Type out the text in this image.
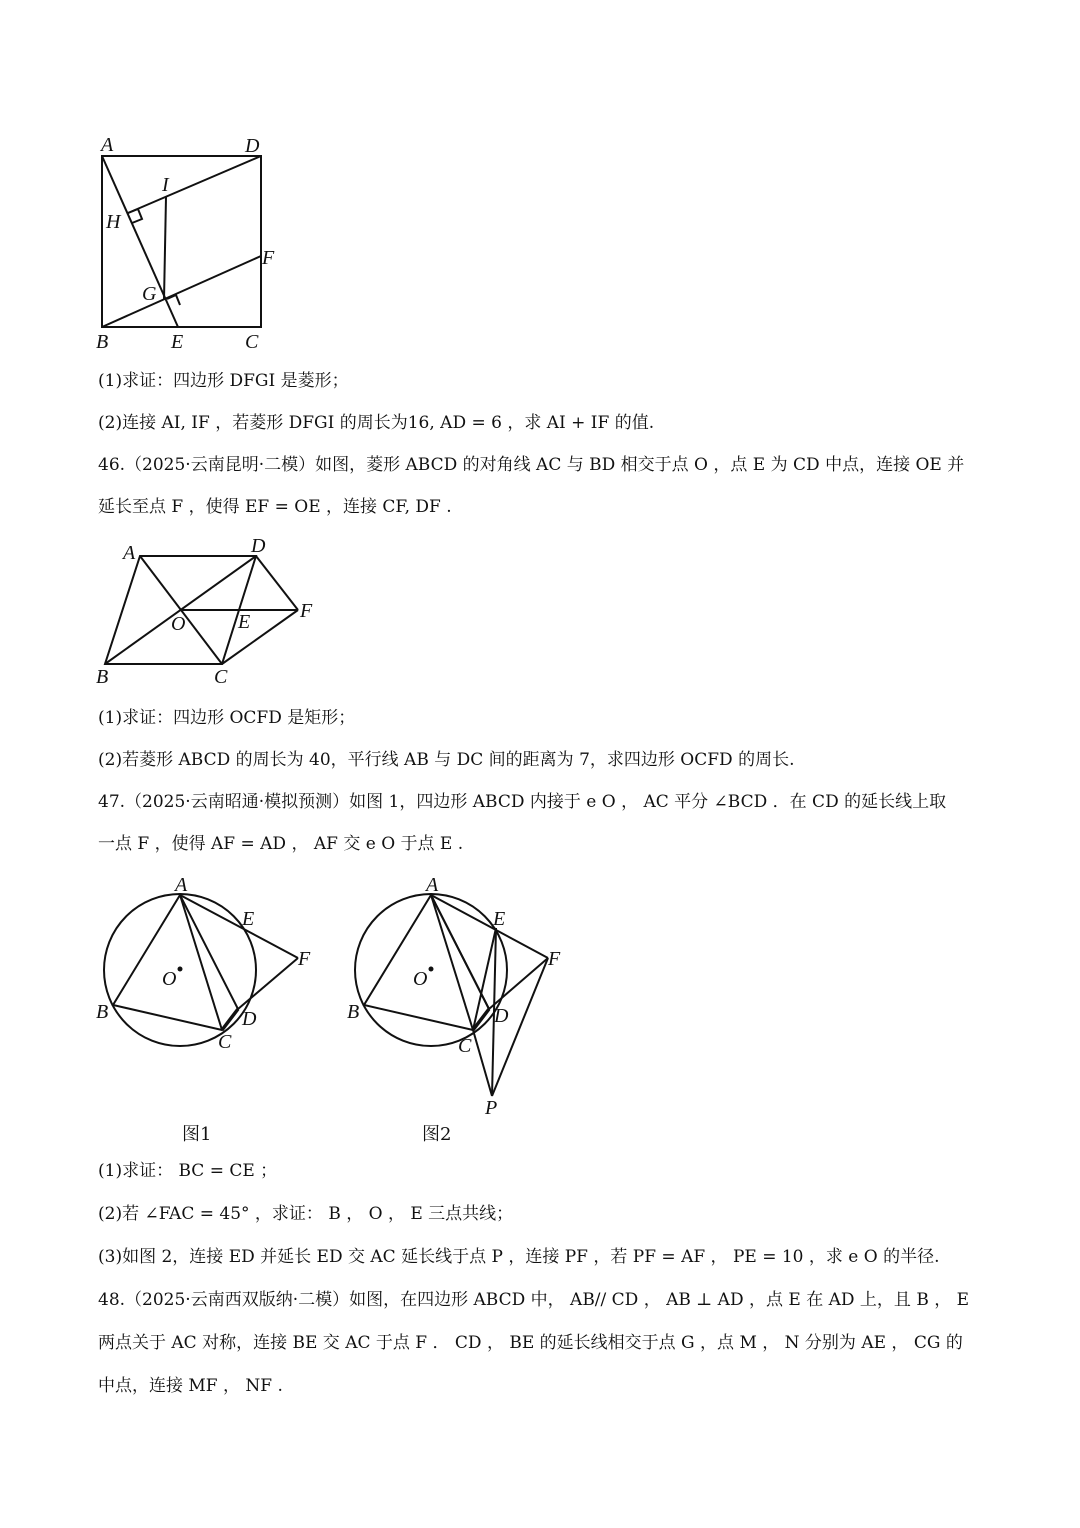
A	D
I
H
F
G
B	E	C
(1)求证：四边形 DFGI 是菱形；
(2)连接 AI, IF ，若菱形 DFGI 的周长为16, AD = 6 ，求 AI + IF 的值.
46.（2025·云南昆明·二模）如图，菱形 ABCD 的对角线 AC 与 BD 相交于点 O ，点 E 为 CD 中点，连接 OE 并
延长至点 F ，使得 EF = OE ，连接 CF, DF .
A	D
F
O	E
B	C
(1)求证：四边形 OCFD 是矩形；
(2)若菱形 ABCD 的周长为 40，平行线 AB 与 DC 间的距离为 7，求四边形 OCFD 的周长.
47.（2025·云南昭通·模拟预测）如图 1，四边形 ABCD 内接于 e O ， AC 平分 ∠BCD ．在 CD 的延长线上取
一点 F ，使得 AF = AD ， AF 交 e O 于点 E .
A
E
F
O
B	D
C
A
E
F
O
B	D
C
P
图1	图2
(1)求证： BC = CE ；
(2)若 ∠FAC = 45° ，求证： B ， O ， E 三点共线；
(3)如图 2，连接 ED 并延长 ED 交 AC 延长线于点 P ，连接 PF ，若 PF = AF ， PE = 10 ，求 e O 的半径.
48.（2025·云南西双版纳·二模）如图，在四边形 ABCD 中， AB// CD ， AB ⊥ AD ，点 E 在 AD 上，且 B ， E
两点关于 AC 对称，连接 BE 交 AC 于点 F ． CD ， BE 的延长线相交于点 G ，点 M ， N 分别为 AE ， CG 的
中点，连接 MF ， NF .
